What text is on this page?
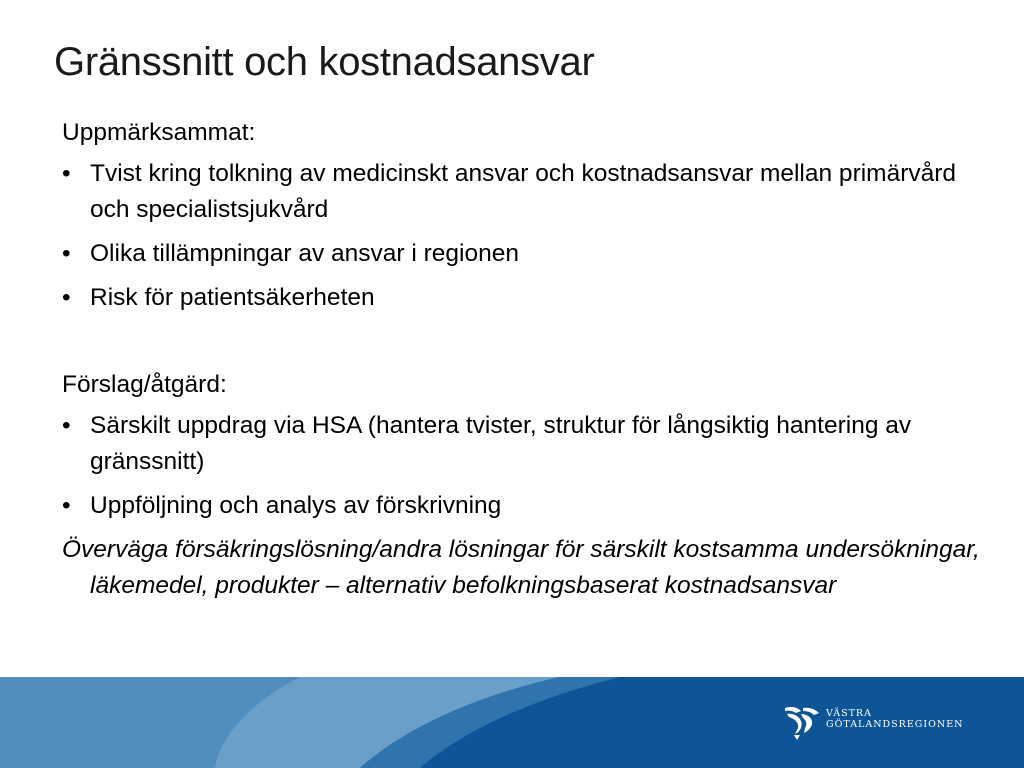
Gränssnitt och kostnadsansvar

Uppmärksammat:

• Tvist kring tolkning av medicinskt ansvar och kostnadsansvar mellan primärvård och specialistsjukvård
• Olika tillämpningar av ansvar i regionen
• Risk för patientsäkerheten

Förslag/åtgärd:

• Särskilt uppdrag via HSA (hantera tvister, struktur för långsiktig hantering av gränssnitt)
• Uppföljning och analys av förskrivning

Överväga försäkringslösning/andra lösningar för särskilt kostsamma undersökningar, läkemedel, produkter – alternativ befolkningsbaserat kostnadsansvar

VÄSTRA
GÖTALANDSREGIONEN
